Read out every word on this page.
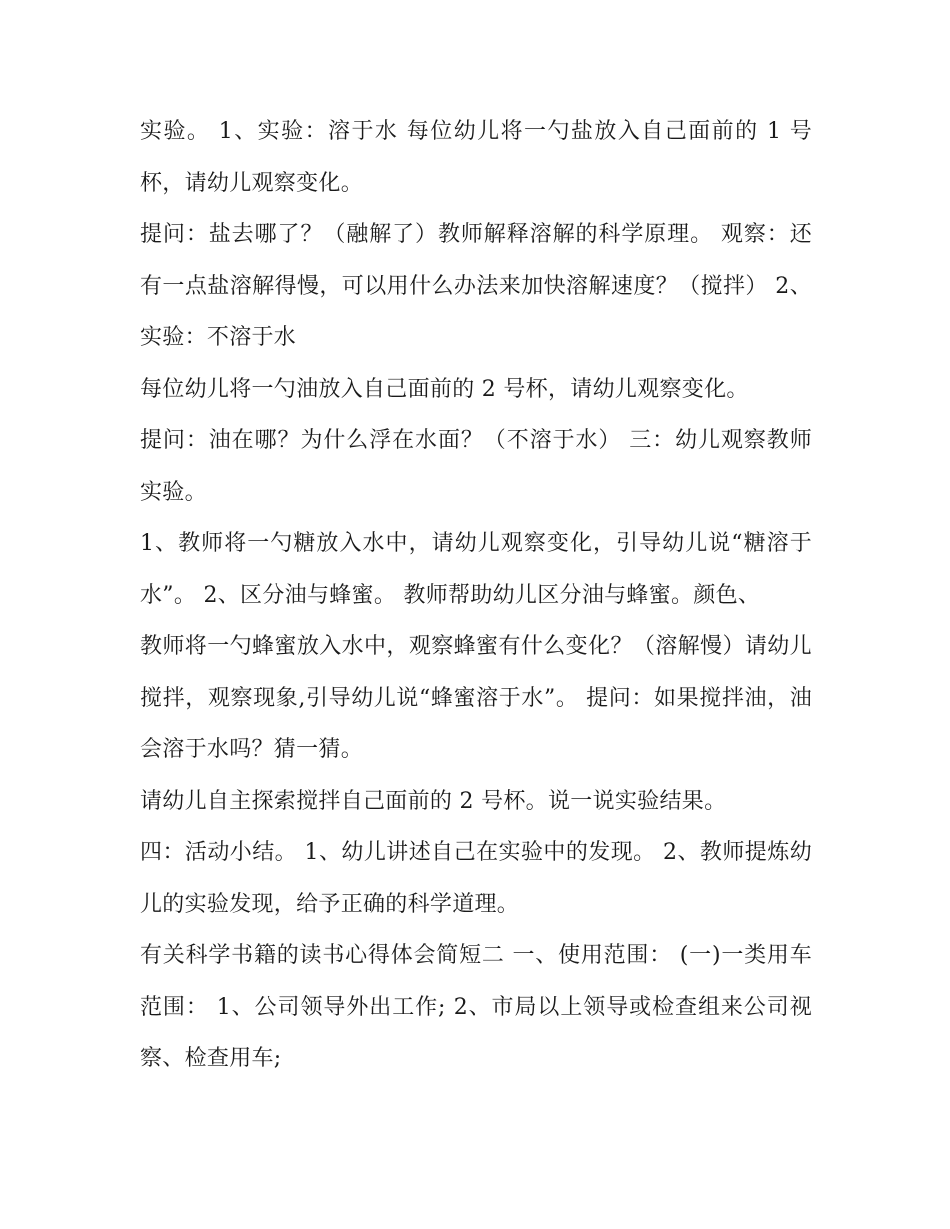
实验。 1、实验：溶于水 每位幼儿将一勺盐放入自己面前的 1 号杯，请幼儿观察变化。

提问：盐去哪了？（融解了）教师解释溶解的科学原理。 观察：还有一点盐溶解得慢，可以用什么办法来加快溶解速度？（搅拌） 2、实验：不溶于水

每位幼儿将一勺油放入自己面前的 2 号杯，请幼儿观察变化。

提问：油在哪？为什么浮在水面？（不溶于水） 三：幼儿观察教师实验。

1、教师将一勺糖放入水中，请幼儿观察变化，引导幼儿说“糖溶于水”。 2、区分油与蜂蜜。 教师帮助幼儿区分油与蜂蜜。颜色、

教师将一勺蜂蜜放入水中，观察蜂蜜有什么变化？（溶解慢）请幼儿搅拌，观察现象,引导幼儿说“蜂蜜溶于水”。 提问：如果搅拌油，油会溶于水吗？猜一猜。

请幼儿自主探索搅拌自己面前的 2 号杯。说一说实验结果。

四：活动小结。 1、幼儿讲述自己在实验中的发现。 2、教师提炼幼儿的实验发现，给予正确的科学道理。

有关科学书籍的读书心得体会简短二 一、使用范围： (一)一类用车范围： 1、公司领导外出工作; 2、市局以上领导或检查组来公司视察、检查用车;
